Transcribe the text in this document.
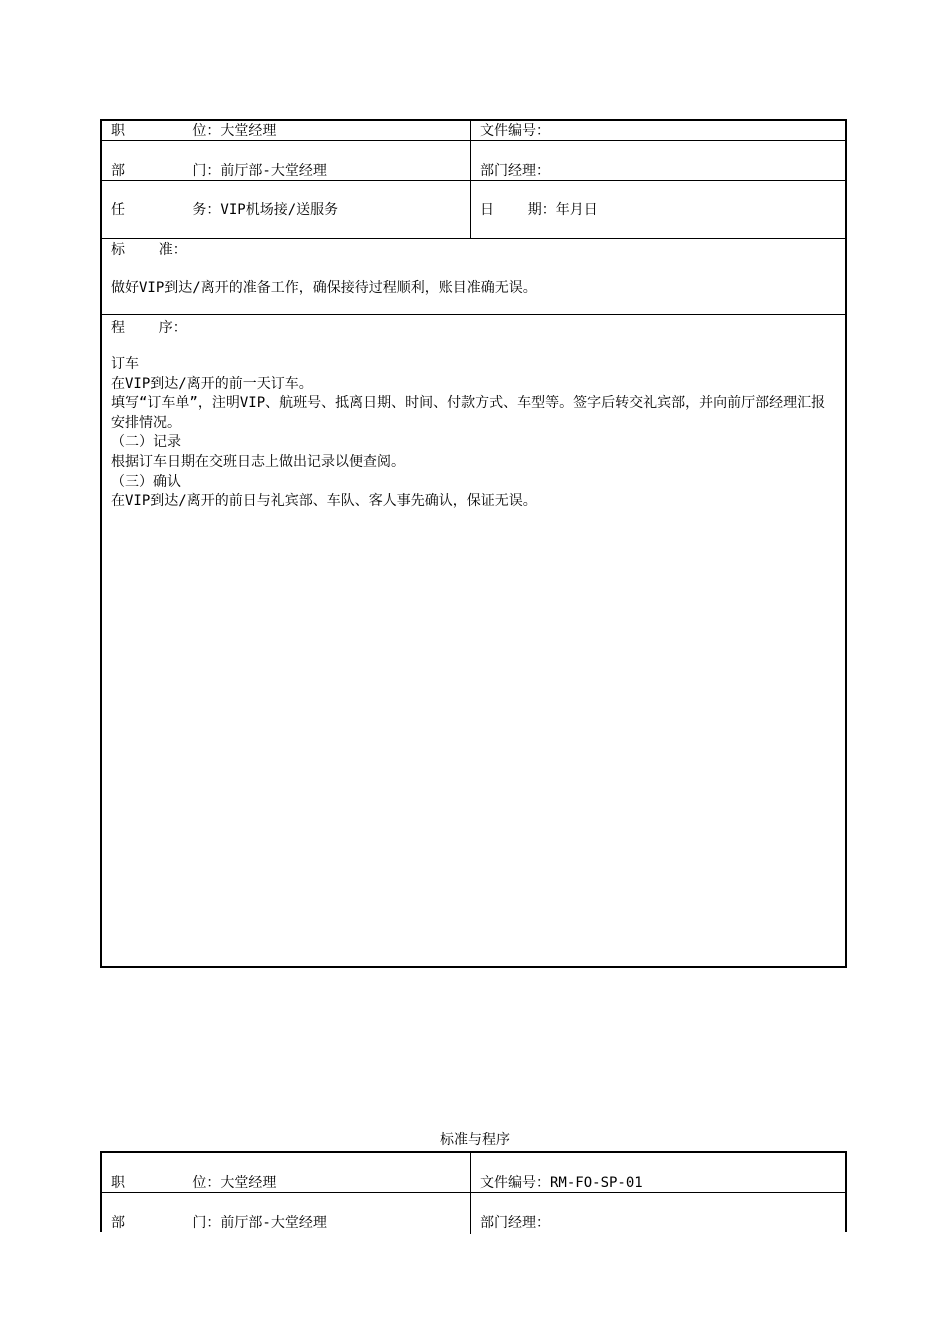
职        位：大堂经理	文件编号：
部        门：前厅部-大堂经理	部门经理：
任        务：VIP机场接/送服务	日    期：年月日
标    准：
做好VIP到达/离开的准备工作，确保接待过程顺利，账目准确无误。
程    序：
订车
在VIP到达/离开的前一天订车。
填写“订车单”，注明VIP、航班号、抵离日期、时间、付款方式、车型等。签字后转交礼宾部，并向前厅部经理汇报安排情况。
（二）记录
根据订车日期在交班日志上做出记录以便查阅。
（三）确认
在VIP到达/离开的前日与礼宾部、车队、客人事先确认，保证无误。
标准与程序
职        位：大堂经理	文件编号：RM-FO-SP-01
部        门：前厅部-大堂经理	部门经理：
